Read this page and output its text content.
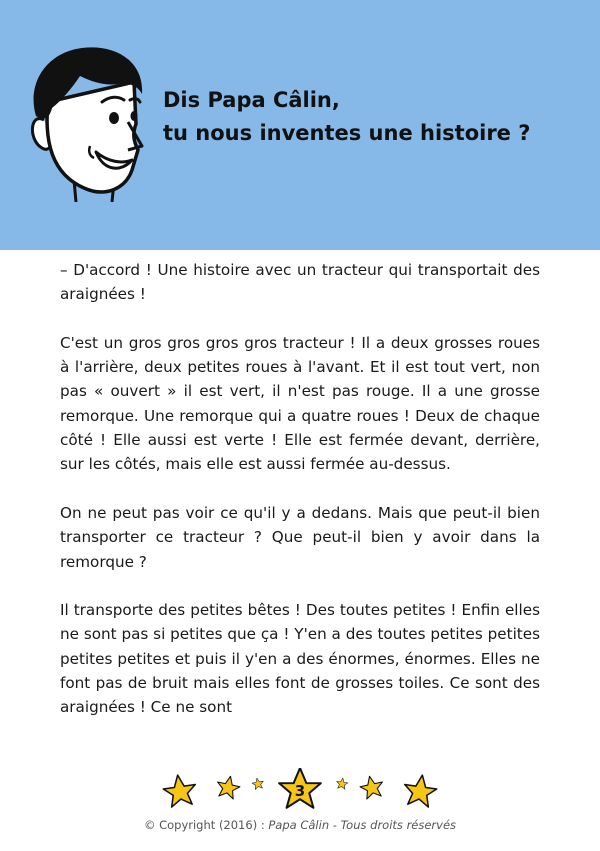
Dis Papa Câlin,
tu nous inventes une histoire ?

– D'accord ! Une histoire avec un tracteur qui transportait des araignées !

C'est un gros gros gros gros tracteur ! Il a deux grosses roues à l'arrière, deux petites roues à l'avant. Et il est tout vert, non pas « ouvert » il est vert, il n'est pas rouge. Il a une grosse remorque. Une remorque qui a quatre roues ! Deux de chaque côté ! Elle aussi est verte ! Elle est fermée devant, derrière, sur les côtés, mais elle est aussi fermée au-dessus.

On ne peut pas voir ce qu'il y a dedans. Mais que peut-il bien transporter ce tracteur ? Que peut-il bien y avoir dans la remorque ?

Il transporte des petites bêtes ! Des toutes petites ! Enfin elles ne sont pas si petites que ça ! Y'en a des toutes petites petites petites petites et puis il y'en a des énormes, énormes. Elles ne font pas de bruit mais elles font de grosses toiles. Ce sont des araignées ! Ce ne sont

3
© Copyright (2016) : Papa Câlin - Tous droits réservés
